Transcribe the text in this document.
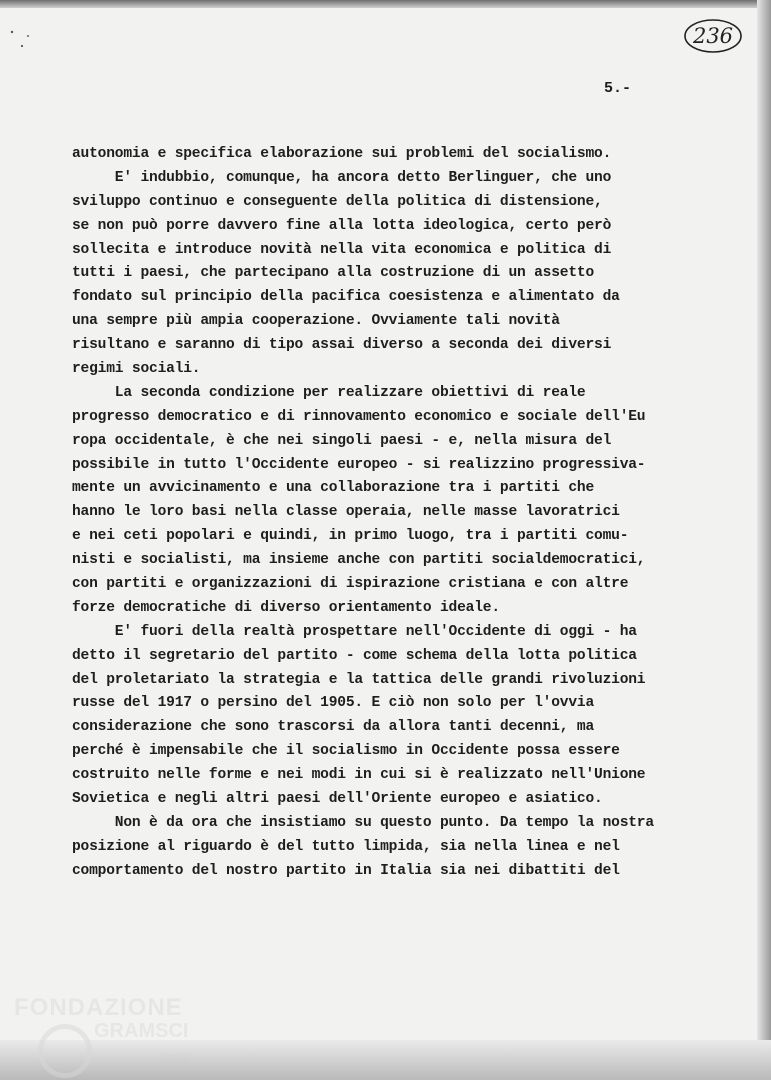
236
5.-
autonomia e specifica elaborazione sui problemi del socialismo.
E' indubbio, comunque, ha ancora detto Berlinguer, che uno
sviluppo continuo e conseguente della politica di distensione,
se non può porre davvero fine alla lotta ideologica, certo però
sollecita e introduce novità nella vita economica e politica di
tutti i paesi, che partecipano alla costruzione di un assetto
fondato sul principio della pacifica coesistenza e alimentato da
una sempre più ampia cooperazione. Ovviamente tali novità
risultano e saranno di tipo assai diverso a seconda dei diversi
regimi sociali.
La seconda condizione per realizzare obiettivi di reale
progresso democratico e di rinnovamento economico e sociale dell'Eu
ropa occidentale, è che nei singoli paesi - e, nella misura del
possibile in tutto l'Occidente europeo - si realizzino progressiva-
mente un avvicinamento e una collaborazione tra i partiti che
hanno le loro basi nella classe operaia, nelle masse lavoratrici
e nei ceti popolari e quindi, in primo luogo, tra i partiti comu-
nisti e socialisti, ma insieme anche con partiti socialdemocratici,
con partiti e organizzazioni di ispirazione cristiana e con altre
forze democratiche di diverso orientamento ideale.
E' fuori della realtà prospettare nell'Occidente di oggi - ha
detto il segretario del partito - come schema della lotta politica
del proletariato la strategia e la tattica delle grandi rivoluzioni
russe del 1917 o persino del 1905. E ciò non solo per l'ovvia
considerazione che sono trascorsi da allora tanti decenni, ma
perché è impensabile che il socialismo in Occidente possa essere
costruito nelle forme e nei modi in cui si è realizzato nell'Unione
Sovietica e negli altri paesi dell'Oriente europeo e asiatico.
Non è da ora che insistiamo su questo punto. Da tempo la nostra
posizione al riguardo è del tutto limpida, sia nella linea e nel
comportamento del nostro partito in Italia sia nei dibattiti del
FONDAZIONE
GRAMSCI
onlus
